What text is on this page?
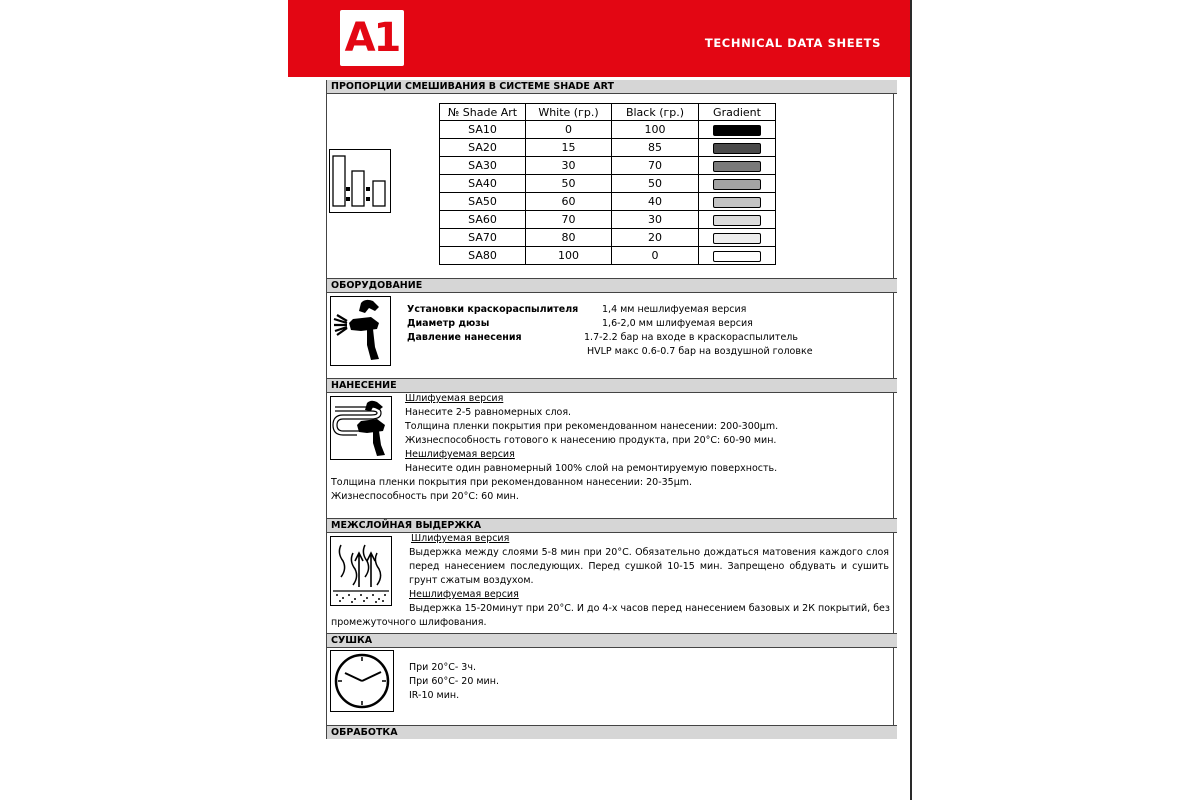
A1	TECHNICAL DATA SHEETS
ПРОПОРЦИИ СМЕШИВАНИЯ В СИСТЕМЕ SHADE ART
№ Shade Art	White (гр.)	Black (гр.)	Gradient
SA10	0	100	
SA20	15	85	
SA30	30	70	
SA40	50	50	
SA50	60	40	
SA60	70	30	
SA70	80	20	
SA80	100	0	
ОБОРУДОВАНИЕ
Установки краскораспылителя 1,4 мм нешлифуемая версия
Диаметр дюзы	1,6-2,0 мм шлифуемая версия
Давление нанесения	1.7-2.2 бар на входе в краскораспылитель
HVLP макс 0.6-0.7 бар на воздушной головке
НАНЕСЕНИЕ
Шлифуемая версия
Нанесите 2-5 равномерных слоя.
Толщина пленки покрытия при рекомендованном нанесении: 200-300µm.
Жизнеспособность готового к нанесению продукта, при 20°C: 60-90 мин.
Нешлифуемая версия
Нанесите один равномерный 100% слой на ремонтируемую поверхность.
Толщина пленки покрытия при рекомендованном нанесении: 20-35µm.
Жизнеспособность при 20°C: 60 мин.
МЕЖСЛОЙНАЯ ВЫДЕРЖКА
Шлифуемая версия
Выдержка между слоями 5-8 мин при 20°C. Обязательно дождаться матовения каждого слоя перед нанесением последующих. Перед сушкой 10-15 мин. Запрещено обдувать и сушить грунт сжатым воздухом.
Нешлифуемая версия
Выдержка 15-20минут при 20°C. И до 4-х часов перед нанесением базовых и 2К покрытий, без
промежуточного шлифования.
СУШКА
При 20°C- 3ч.
При 60°C- 20 мин.
IR-10 мин.
ОБРАБОТКА
